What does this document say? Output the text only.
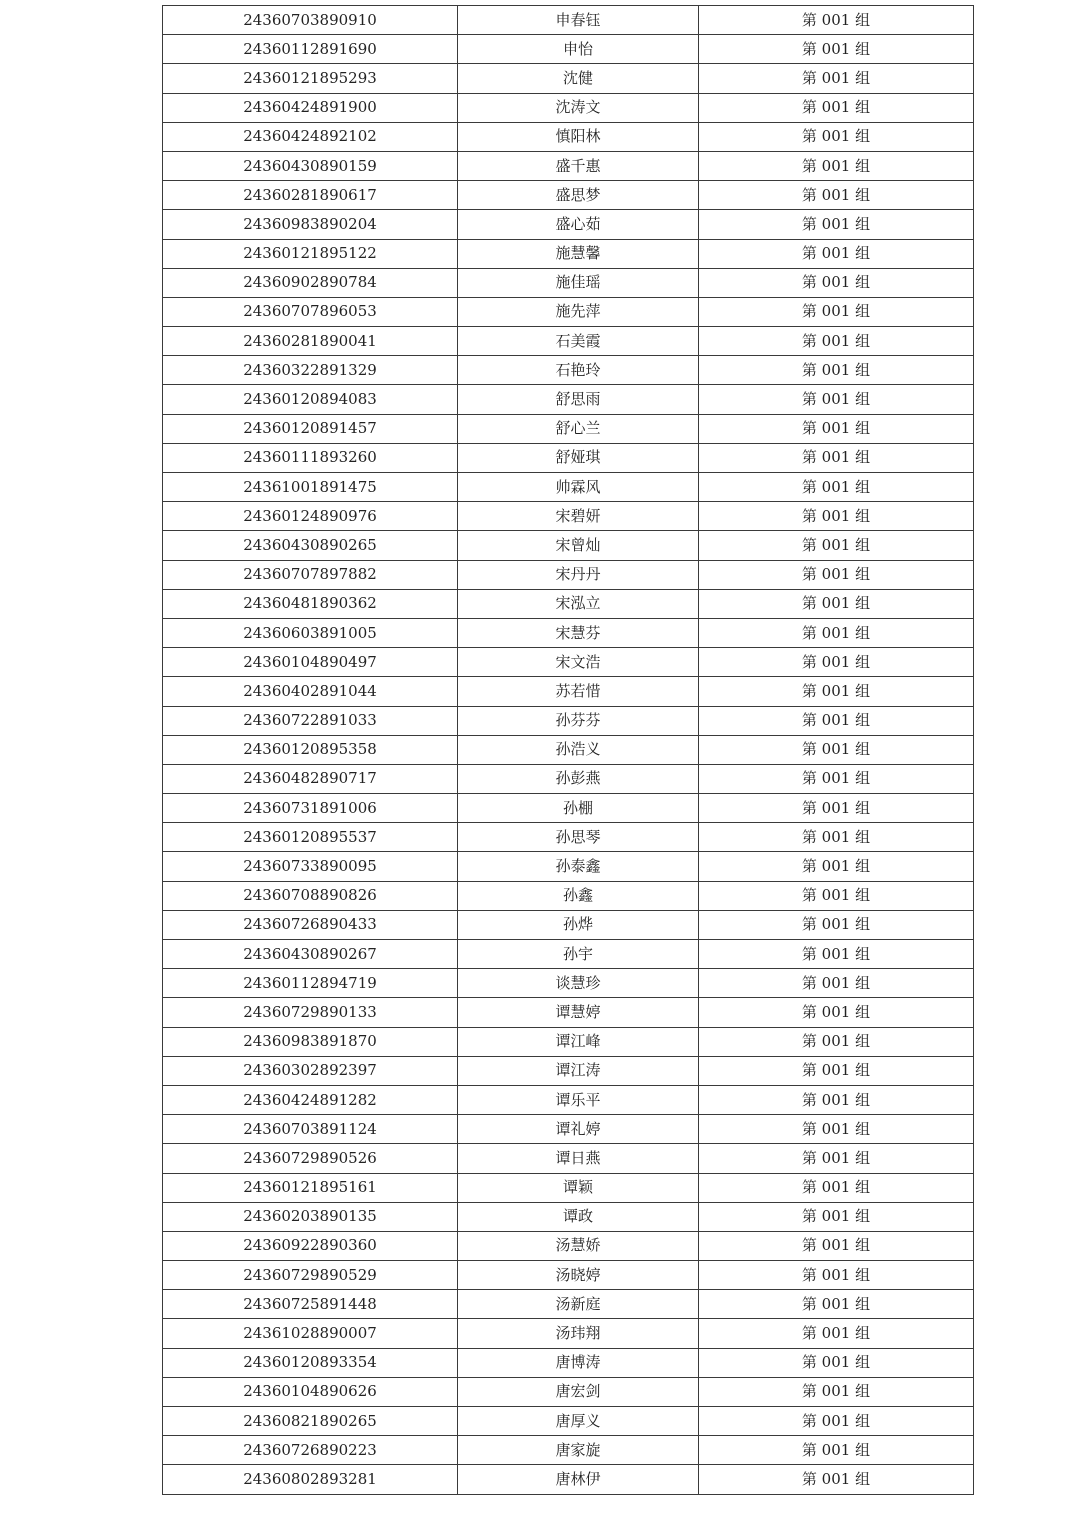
24360703890910	申春钰	第 001 组
24360112891690	申怡	第 001 组
24360121895293	沈健	第 001 组
24360424891900	沈涛文	第 001 组
24360424892102	慎阳林	第 001 组
24360430890159	盛千惠	第 001 组
24360281890617	盛思梦	第 001 组
24360983890204	盛心茹	第 001 组
24360121895122	施慧馨	第 001 组
24360902890784	施佳瑶	第 001 组
24360707896053	施先萍	第 001 组
24360281890041	石美霞	第 001 组
24360322891329	石艳玲	第 001 组
24360120894083	舒思雨	第 001 组
24360120891457	舒心兰	第 001 组
24360111893260	舒娅琪	第 001 组
24361001891475	帅霖风	第 001 组
24360124890976	宋碧妍	第 001 组
24360430890265	宋曾灿	第 001 组
24360707897882	宋丹丹	第 001 组
24360481890362	宋泓立	第 001 组
24360603891005	宋慧芬	第 001 组
24360104890497	宋文浩	第 001 组
24360402891044	苏若惜	第 001 组
24360722891033	孙芬芬	第 001 组
24360120895358	孙浩义	第 001 组
24360482890717	孙彭燕	第 001 组
24360731891006	孙棚	第 001 组
24360120895537	孙思琴	第 001 组
24360733890095	孙泰鑫	第 001 组
24360708890826	孙鑫	第 001 组
24360726890433	孙烨	第 001 组
24360430890267	孙宇	第 001 组
24360112894719	谈慧珍	第 001 组
24360729890133	谭慧婷	第 001 组
24360983891870	谭江峰	第 001 组
24360302892397	谭江涛	第 001 组
24360424891282	谭乐平	第 001 组
24360703891124	谭礼婷	第 001 组
24360729890526	谭日燕	第 001 组
24360121895161	谭颖	第 001 组
24360203890135	谭政	第 001 组
24360922890360	汤慧娇	第 001 组
24360729890529	汤晓婷	第 001 组
24360725891448	汤新庭	第 001 组
24361028890007	汤玮翔	第 001 组
24360120893354	唐博涛	第 001 组
24360104890626	唐宏剑	第 001 组
24360821890265	唐厚义	第 001 组
24360726890223	唐家旋	第 001 组
24360802893281	唐林伊	第 001 组
